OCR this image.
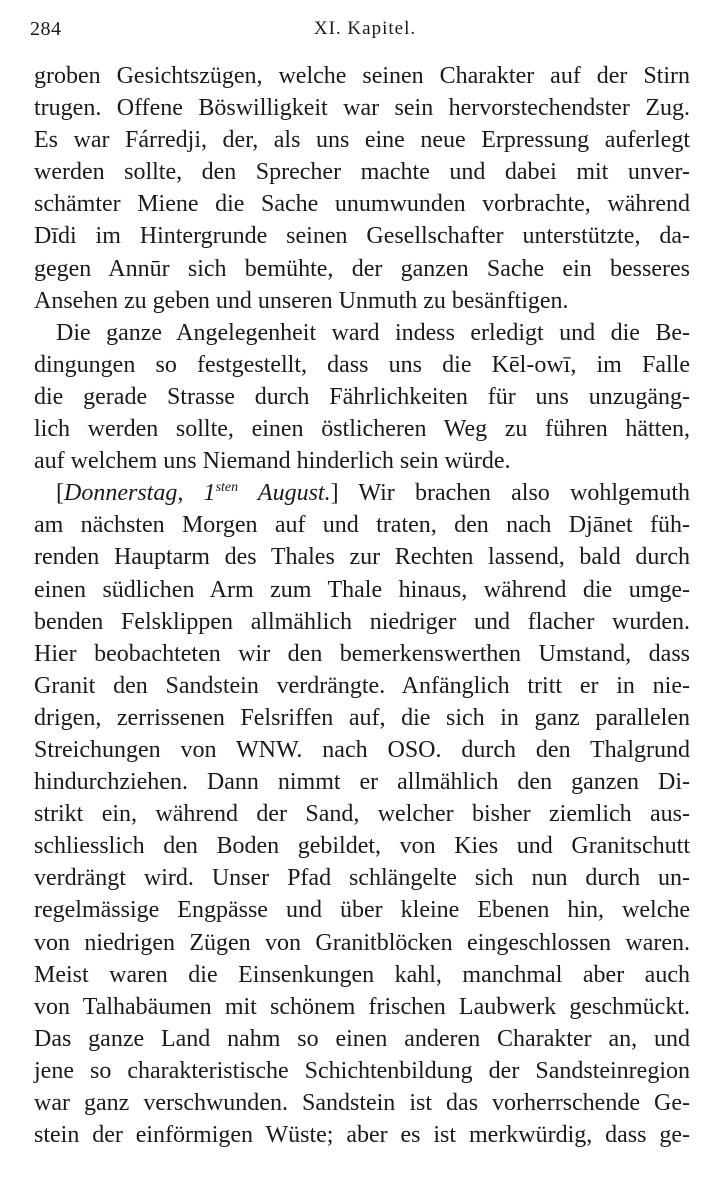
284	XI. Kapitel.
groben Gesichtszügen, welche seinen Charakter auf der Stirn
trugen. Offene Böswilligkeit war sein hervorstechendster Zug.
Es war Fárredji, der, als uns eine neue Erpressung auferlegt
werden sollte, den Sprecher machte und dabei mit unver-
schämter Miene die Sache unumwunden vorbrachte, während
Dīdi im Hintergrunde seinen Gesellschafter unterstützte, da-
gegen Annūr sich bemühte, der ganzen Sache ein besseres
Ansehen zu geben und unseren Unmuth zu besänftigen.
Die ganze Angelegenheit ward indess erledigt und die Be-
dingungen so festgestellt, dass uns die Kēl-owī, im Falle
die gerade Strasse durch Fährlichkeiten für uns unzugäng-
lich werden sollte, einen östlicheren Weg zu führen hätten,
auf welchem uns Niemand hinderlich sein würde.
[Donnerstag, $1^{sten}$ August.] Wir brachen also wohlgemuth
am nächsten Morgen auf und traten, den nach Djānet füh-
renden Hauptarm des Thales zur Rechten lassend, bald durch
einen südlichen Arm zum Thale hinaus, während die umge-
benden Felsklippen allmählich niedriger und flacher wurden.
Hier beobachteten wir den bemerkenswerthen Umstand, dass
Granit den Sandstein verdrängte. Anfänglich tritt er in nie-
drigen, zerrissenen Felsriffen auf, die sich in ganz parallelen
Streichungen von WNW. nach OSO. durch den Thalgrund
hindurchziehen. Dann nimmt er allmählich den ganzen Di-
strikt ein, während der Sand, welcher bisher ziemlich aus-
schliesslich den Boden gebildet, von Kies und Granitschutt
verdrängt wird. Unser Pfad schlängelte sich nun durch un-
regelmässige Engpässe und über kleine Ebenen hin, welche
von niedrigen Zügen von Granitblöcken eingeschlossen waren.
Meist waren die Einsenkungen kahl, manchmal aber auch
von Talhabäumen mit schönem frischen Laubwerk geschmückt.
Das ganze Land nahm so einen anderen Charakter an, und
jene so charakteristische Schichtenbildung der Sandsteinregion
war ganz verschwunden. Sandstein ist das vorherrschende Ge-
stein der einförmigen Wüste; aber es ist merkwürdig, dass ge-
